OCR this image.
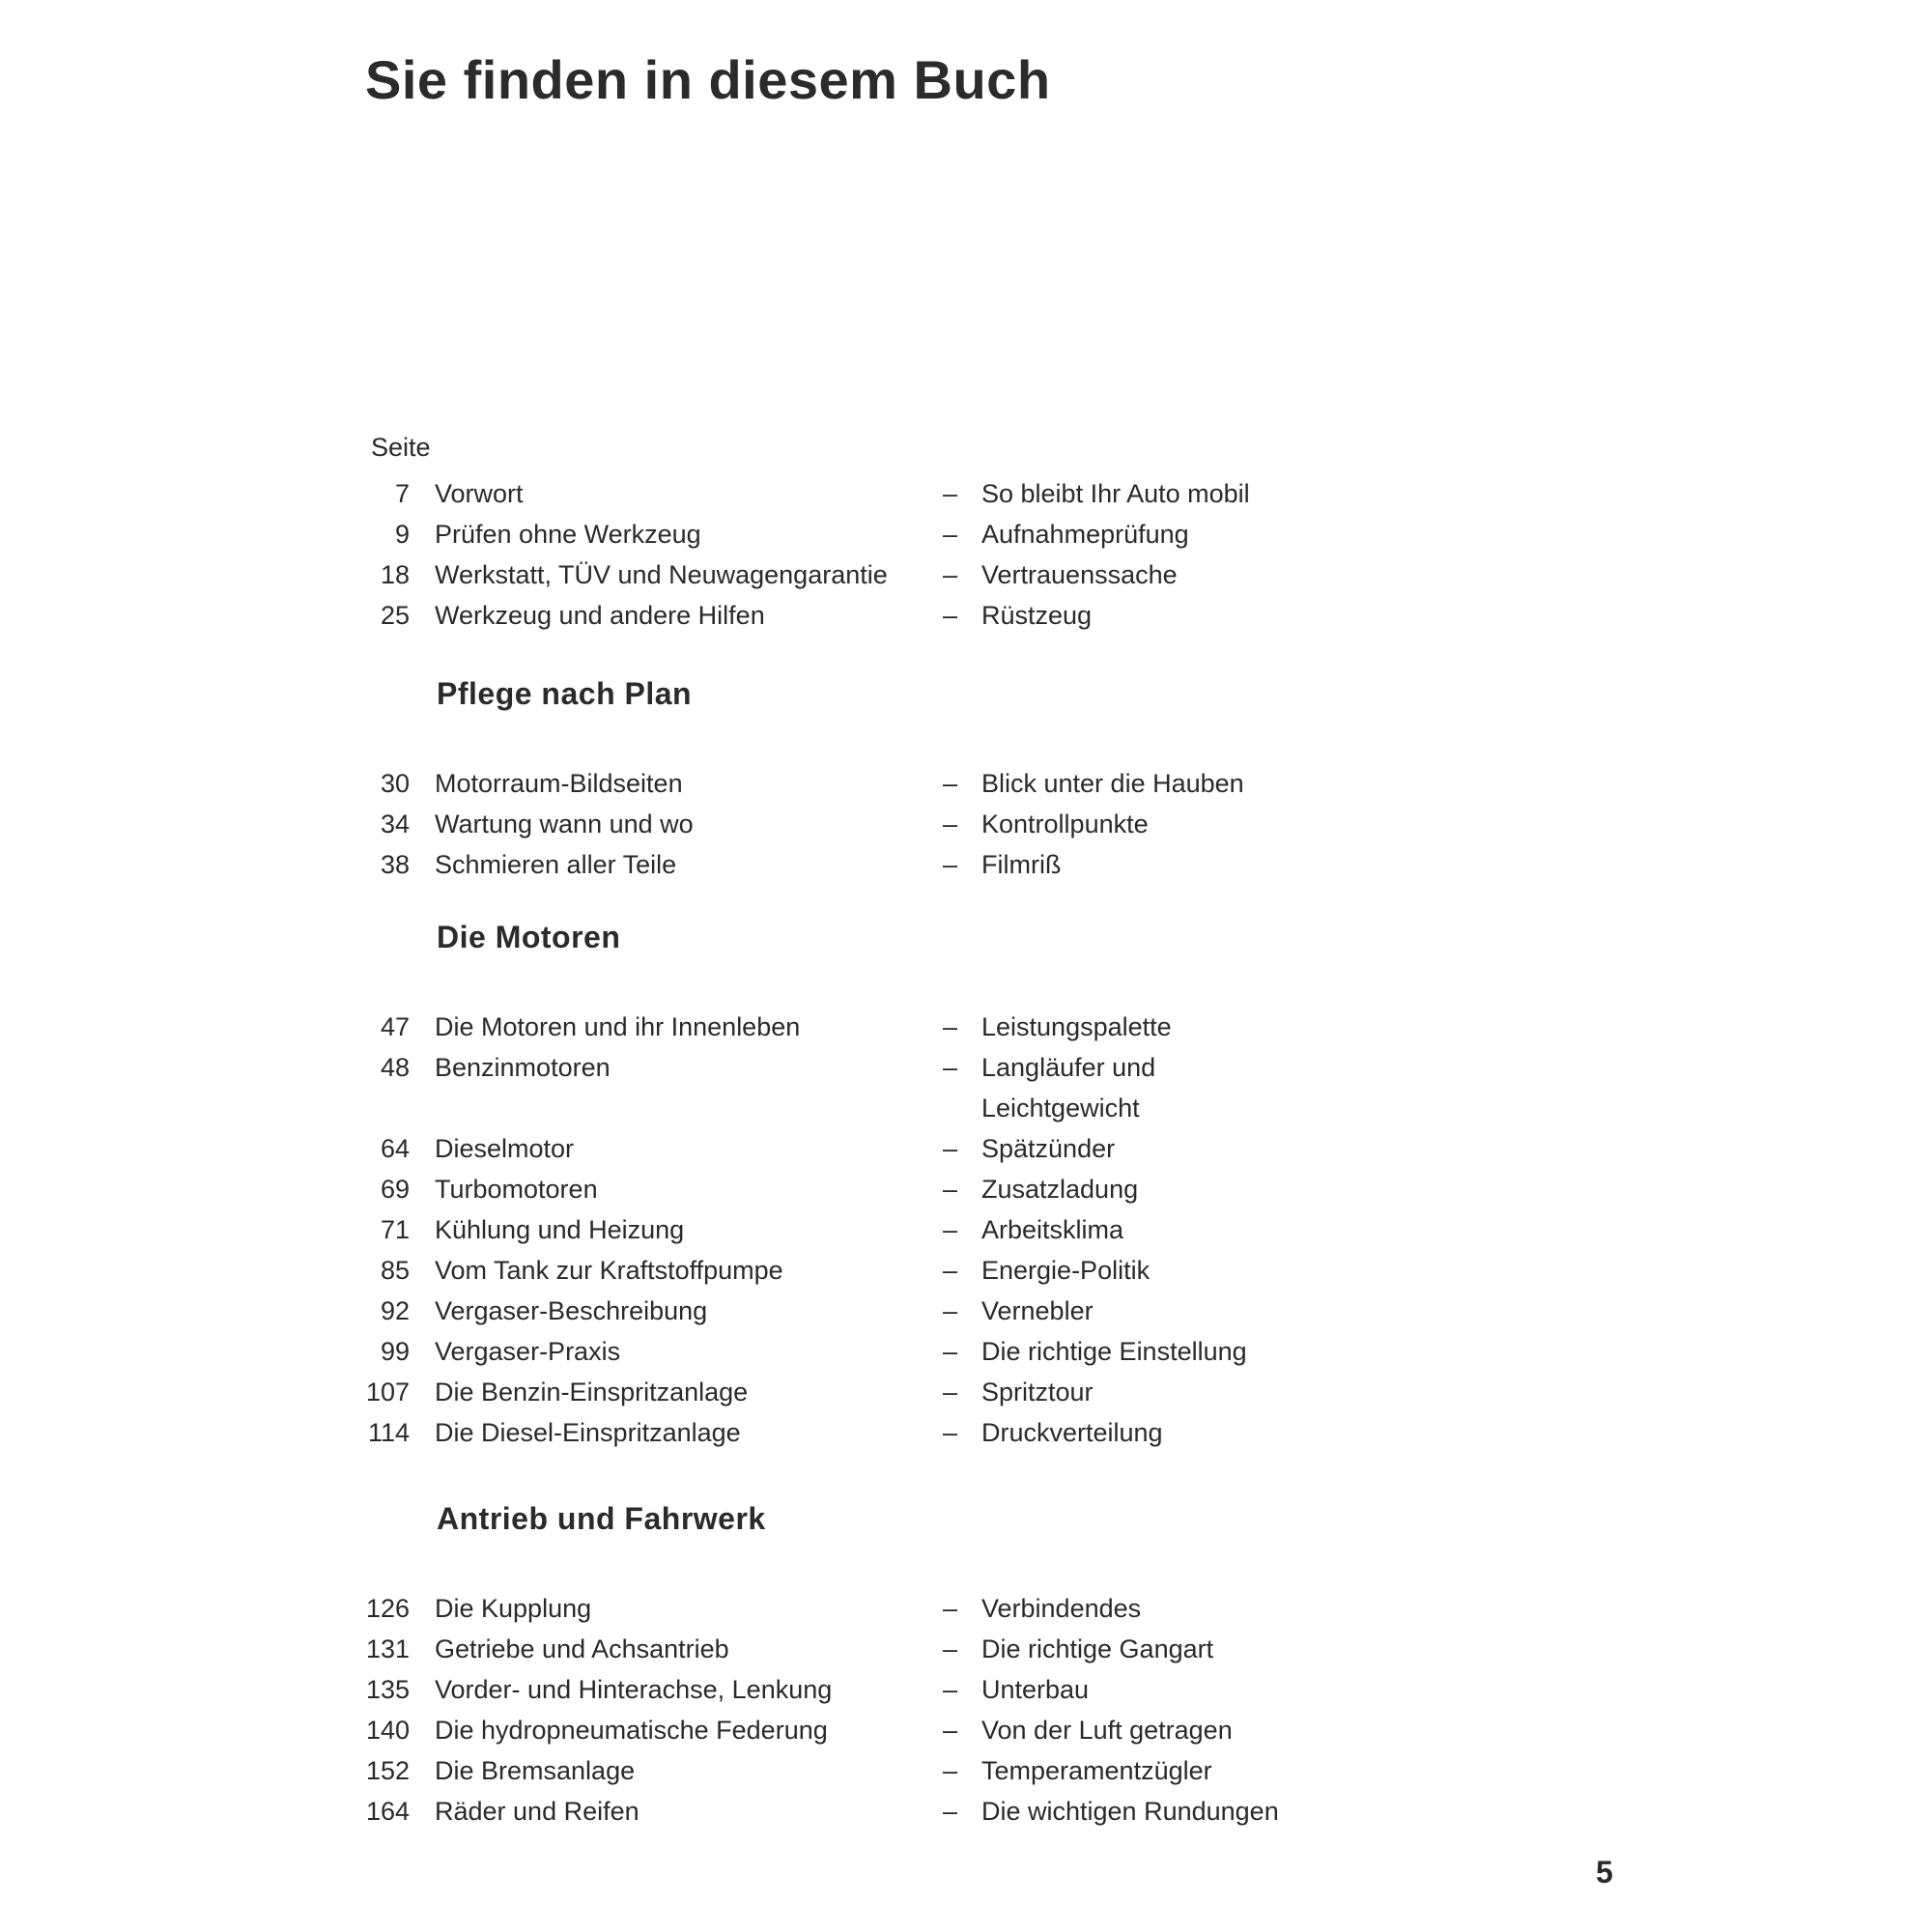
Sie finden in diesem Buch
Seite
7 Vorwort	– So bleibt Ihr Auto mobil
9 Prüfen ohne Werkzeug	– Aufnahmeprüfung
18 Werkstatt, TÜV und Neuwagengarantie – Vertrauenssache
25 Werkzeug und andere Hilfen	– Rüstzeug
Pflege nach Plan
30 Motorraum-Bildseiten	– Blick unter die Hauben
34 Wartung wann und wo	– Kontrollpunkte
38 Schmieren aller Teile	– Filmriß
Die Motoren
47 Die Motoren und ihr Innenleben	– Leistungspalette
48 Benzinmotoren	– Langläufer und
Leichtgewicht
64 Dieselmotor	– Spätzünder
69 Turbomotoren	– Zusatzladung
71 Kühlung und Heizung	– Arbeitsklima
85 Vom Tank zur Kraftstoffpumpe	– Energie-Politik
92 Vergaser-Beschreibung	– Vernebler
99 Vergaser-Praxis	– Die richtige Einstellung
107 Die Benzin-Einspritzanlage	– Spritztour
114 Die Diesel-Einspritzanlage	– Druckverteilung
Antrieb und Fahrwerk
126 Die Kupplung	– Verbindendes
131 Getriebe und Achsantrieb	– Die richtige Gangart
135 Vorder- und Hinterachse, Lenkung	– Unterbau
140 Die hydropneumatische Federung	– Von der Luft getragen
152 Die Bremsanlage	– Temperamentzügler
164 Räder und Reifen	– Die wichtigen Rundungen
5
